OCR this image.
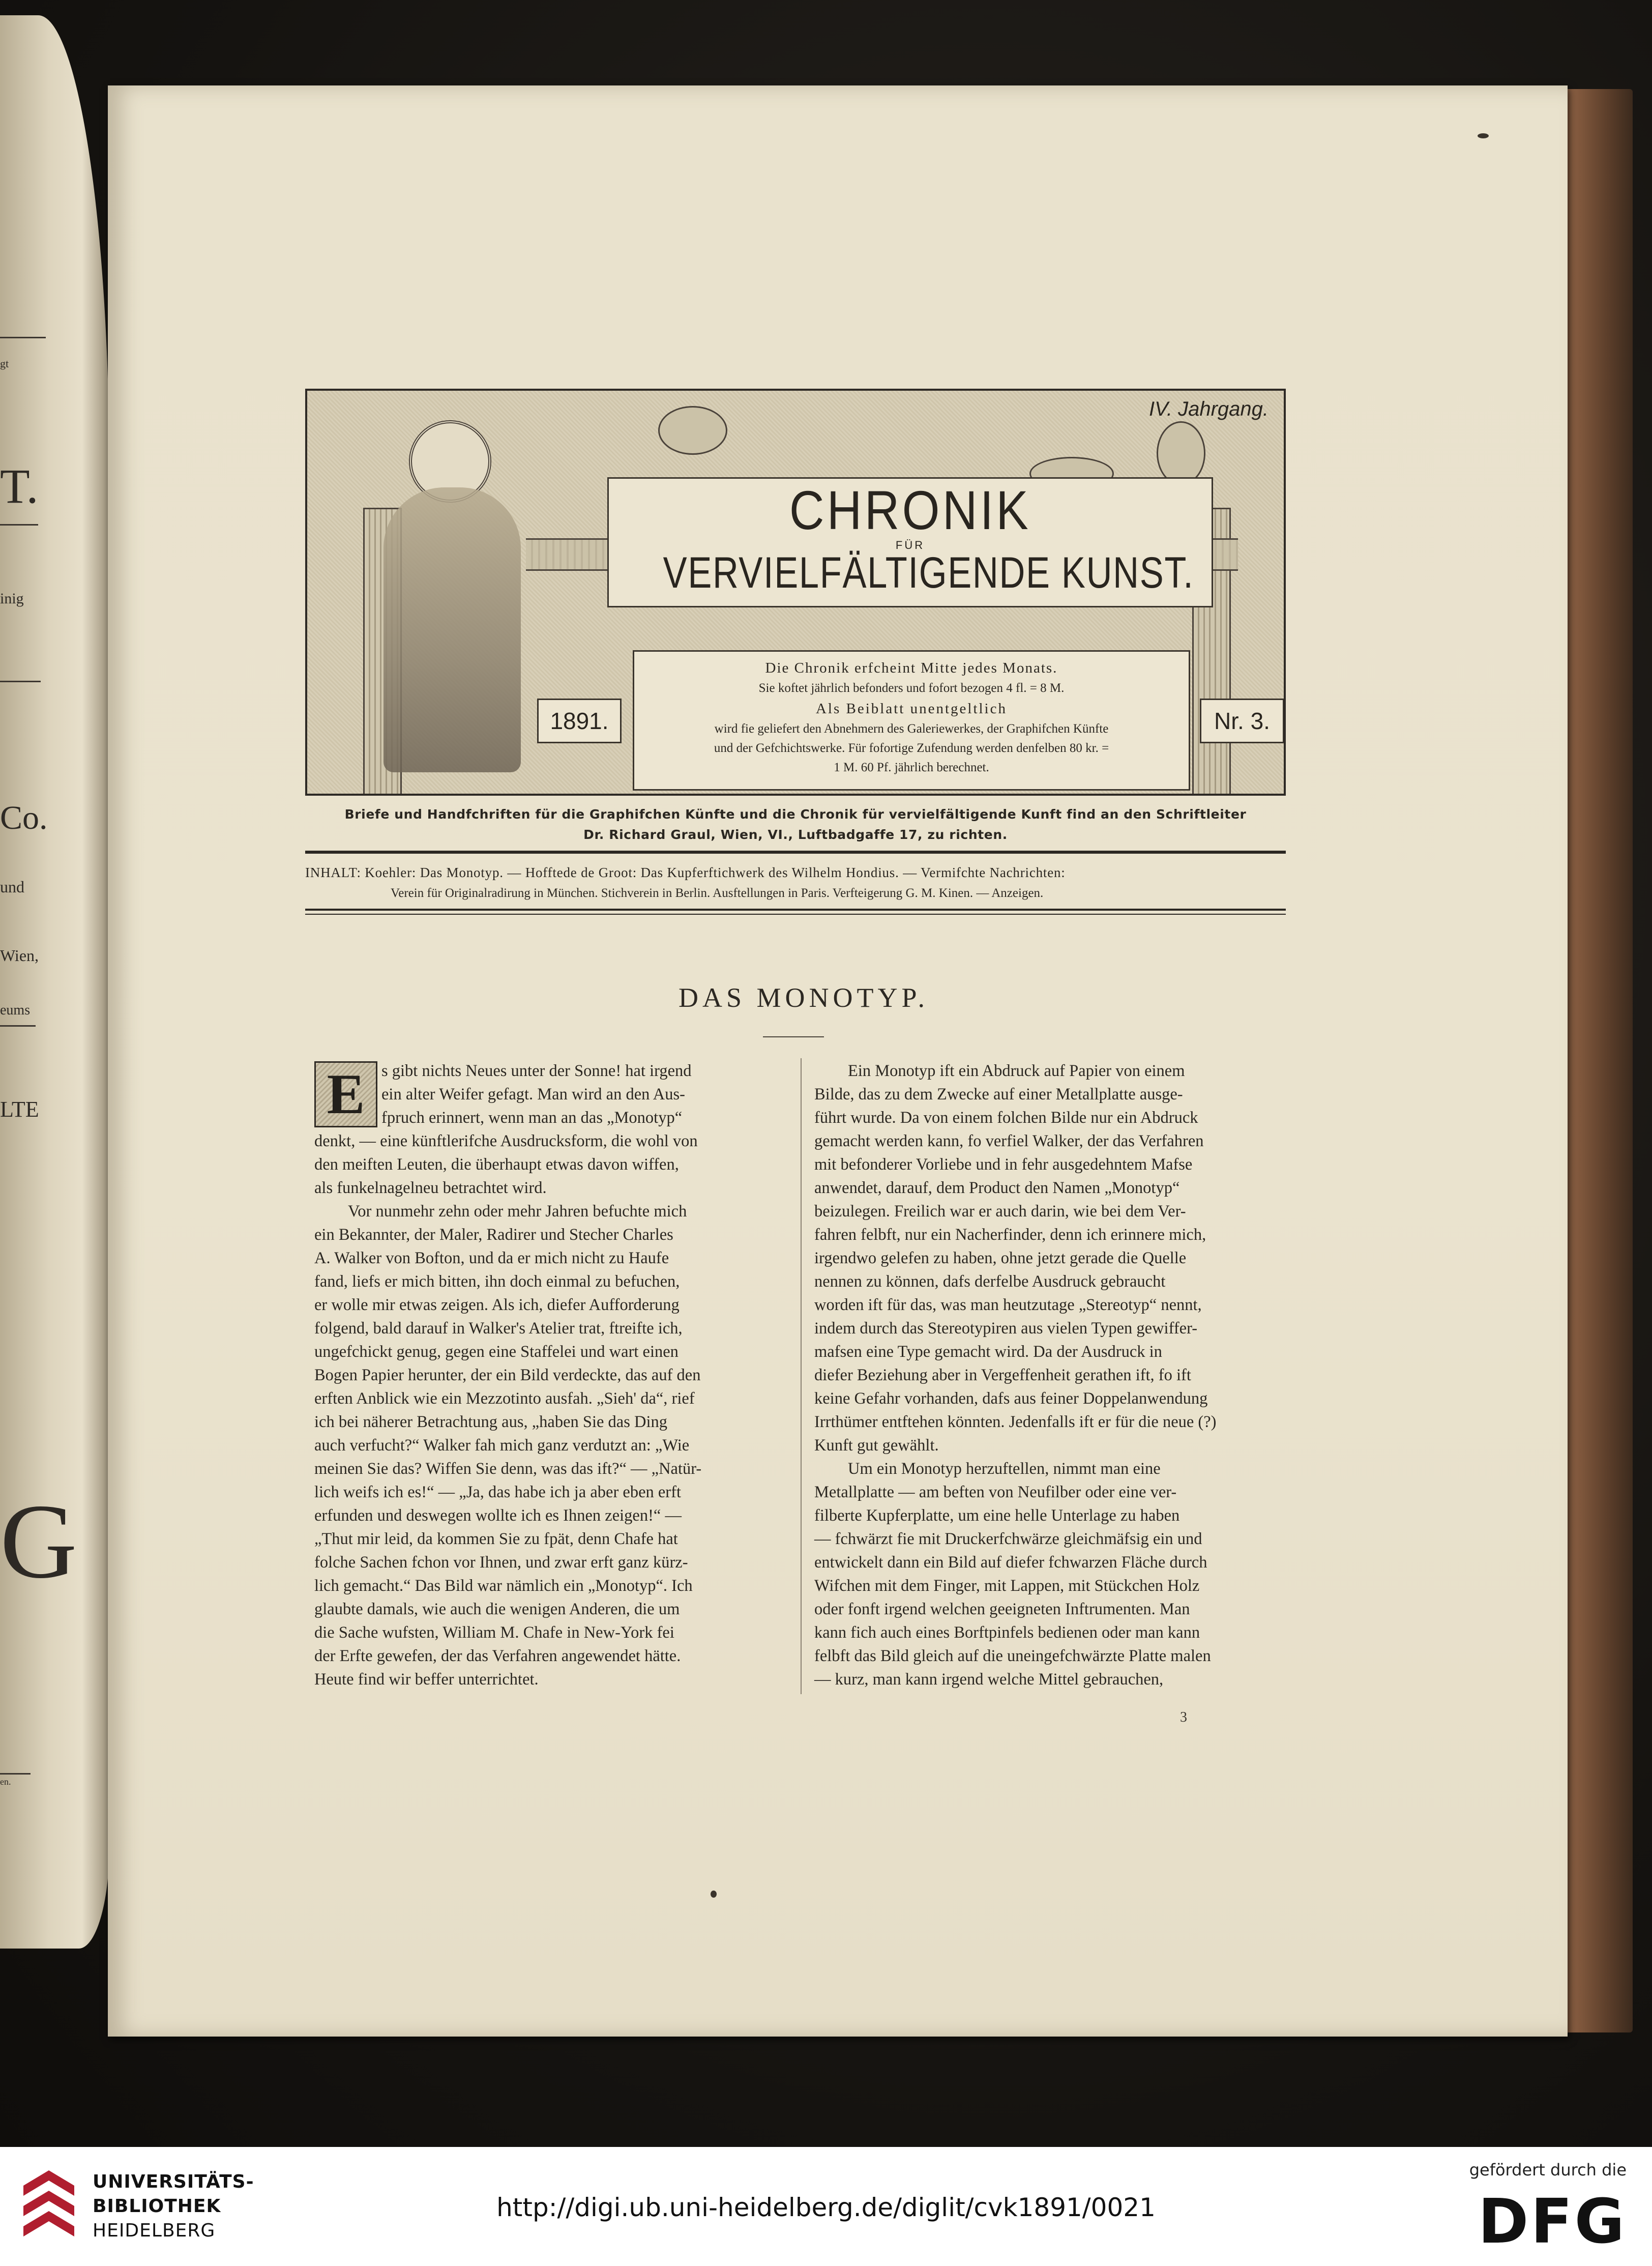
gt
T.
inig
Co.
und
Wien,
eums
LTE
G
en.
CHRONIK
FÜR
VERVIELFÄLTIGENDE KUNST.
IV. Jahrgang.
Die Chronik erfcheint Mitte jedes Monats.
Sie koftet jährlich befonders und fofort bezogen 4 fl. = 8 M.
Als Beiblatt unentgeltlich
wird fie geliefert den Abnehmern des Galeriewerkes, der Graphifchen Künfte
und der Gefchichtswerke. Für fofortige Zufendung werden denfelben 80 kr. =
1 M. 60 Pf. jährlich berechnet.
1891.	Nr. 3.
Briefe und Handfchriften für die Graphifchen Künfte und die Chronik für vervielfältigende Kunft find an den Schriftleiter
Dr. Richard Graul, Wien, VI., Luftbadgaffe 17, zu richten.
INHALT: Koehler: Das Monotyp. — Hofftede de Groot: Das Kupferftichwerk des Wilhelm Hondius. — Vermifchte Nachrichten:
Verein für Originalradirung in München. Stichverein in Berlin. Ausftellungen in Paris. Verfteigerung G. M. Kinen. — Anzeigen.
DAS MONOTYP.
E	s gibt nichts Neues unter der Sonne! hat irgend
ein alter Weifer gefagt. Man wird an den Aus-
fpruch erinnert, wenn man an das „Monotyp“
denkt, — eine künftlerifche Ausdrucksform, die wohl von
den meiften Leuten, die überhaupt etwas davon wiffen,
als funkelnagelneu betrachtet wird.
Vor nunmehr zehn oder mehr Jahren befuchte mich
ein Bekannter, der Maler, Radirer und Stecher Charles
A. Walker von Bofton, und da er mich nicht zu Haufe
fand, liefs er mich bitten, ihn doch einmal zu befuchen,
er wolle mir etwas zeigen. Als ich, diefer Aufforderung
folgend, bald darauf in Walker's Atelier trat, ftreifte ich,
ungefchickt genug, gegen eine Staffelei und wart einen
Bogen Papier herunter, der ein Bild verdeckte, das auf den
erften Anblick wie ein Mezzotinto ausfah. „Sieh' da“, rief
ich bei näherer Betrachtung aus, „haben Sie das Ding
auch verfucht?“ Walker fah mich ganz verdutzt an: „Wie
meinen Sie das? Wiffen Sie denn, was das ift?“ — „Natür-
lich weifs ich es!“ — „Ja, das habe ich ja aber eben erft
erfunden und deswegen wollte ich es Ihnen zeigen!“ —
„Thut mir leid, da kommen Sie zu fpät, denn Chafe hat
folche Sachen fchon vor Ihnen, und zwar erft ganz kürz-
lich gemacht.“ Das Bild war nämlich ein „Monotyp“. Ich
glaubte damals, wie auch die wenigen Anderen, die um
die Sache wufsten, William M. Chafe in New-York fei
der Erfte gewefen, der das Verfahren angewendet hätte.
Heute find wir beffer unterrichtet.
Ein Monotyp ift ein Abdruck auf Papier von einem
Bilde, das zu dem Zwecke auf einer Metallplatte ausge-
führt wurde. Da von einem folchen Bilde nur ein Abdruck
gemacht werden kann, fo verfiel Walker, der das Verfahren
mit befonderer Vorliebe und in fehr ausgedehntem Mafse
anwendet, darauf, dem Product den Namen „Monotyp“
beizulegen. Freilich war er auch darin, wie bei dem Ver-
fahren felbft, nur ein Nacherfinder, denn ich erinnere mich,
irgendwo gelefen zu haben, ohne jetzt gerade die Quelle
nennen zu können, dafs derfelbe Ausdruck gebraucht
worden ift für das, was man heutzutage „Stereotyp“ nennt,
indem durch das Stereotypiren aus vielen Typen gewiffer-
mafsen eine Type gemacht wird. Da der Ausdruck in
diefer Beziehung aber in Vergeffenheit gerathen ift, fo ift
keine Gefahr vorhanden, dafs aus feiner Doppelanwendung
Irrthümer entftehen könnten. Jedenfalls ift er für die neue (?)
Kunft gut gewählt.
Um ein Monotyp herzuftellen, nimmt man eine
Metallplatte — am beften von Neufilber oder eine ver-
filberte Kupferplatte, um eine helle Unterlage zu haben
— fchwärzt fie mit Druckerfchwärze gleichmäfsig ein und
entwickelt dann ein Bild auf diefer fchwarzen Fläche durch
Wifchen mit dem Finger, mit Lappen, mit Stückchen Holz
oder fonft irgend welchen geeigneten Inftrumenten. Man
kann fich auch eines Borftpinfels bedienen oder man kann
felbft das Bild gleich auf die uneingefchwärzte Platte malen
— kurz, man kann irgend welche Mittel gebrauchen,
3
UNIVERSITÄTS-
BIBLIOTHEK
HEIDELBERG
http://digi.ub.uni-heidelberg.de/diglit/cvk1891/0021
gefördert durch die
DFG
